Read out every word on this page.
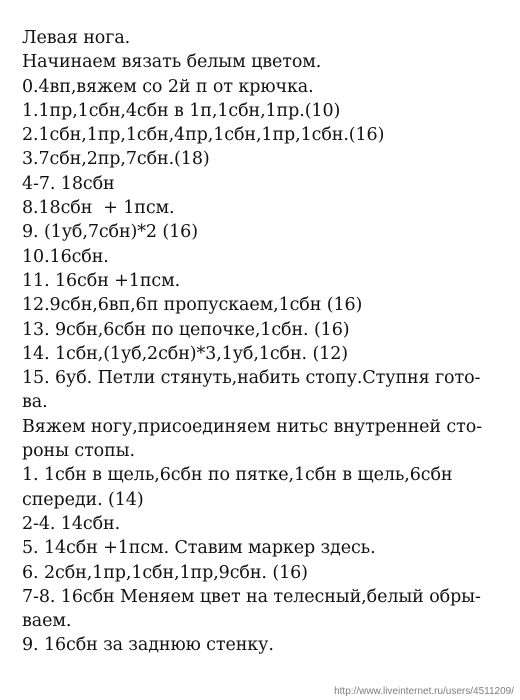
Левая нога.
Начинаем вязать белым цветом.
0.4вп,вяжем со 2й п от крючка.
1.1пр,1сбн,4сбн в 1п,1сбн,1пр.(10)
2.1сбн,1пр,1сбн,4пр,1сбн,1пр,1сбн.(16)
3.7сбн,2пр,7сбн.(18)
4-7. 18сбн
8.18сбн  + 1псм.
9. (1уб,7сбн)*2 (16)
10.16сбн.
11. 16сбн +1псм.
12.9сбн,6вп,6п пропускаем,1сбн (16)
13. 9сбн,6сбн по цепочке,1сбн. (16)
14. 1сбн,(1уб,2сбн)*3,1уб,1сбн. (12)
15. 6уб. Петли стянуть,набить стопу.Ступня гото-
ва.
Вяжем ногу,присоединяем нитьс внутренней сто-
роны стопы.
1. 1сбн в щель,6сбн по пятке,1сбн в щель,6сбн
спереди. (14)
2-4. 14сбн.
5. 14сбн +1псм. Ставим маркер здесь.
6. 2сбн,1пр,1сбн,1пр,9сбн. (16)
7-8. 16сбн Меняем цвет на телесный,белый обры-
ваем.
9. 16сбн за заднюю стенку.
http://www.liveinternet.ru/users/4511209/
